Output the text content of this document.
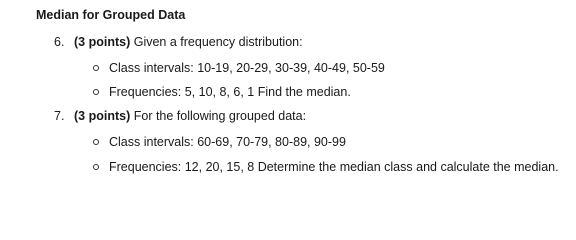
Median for Grouped Data
6. (3 points) Given a frequency distribution:
Class intervals: 10-19, 20-29, 30-39, 40-49, 50-59
Frequencies: 5, 10, 8, 6, 1 Find the median.
7. (3 points) For the following grouped data:
Class intervals: 60-69, 70-79, 80-89, 90-99
Frequencies: 12, 20, 15, 8 Determine the median class and calculate the median.
